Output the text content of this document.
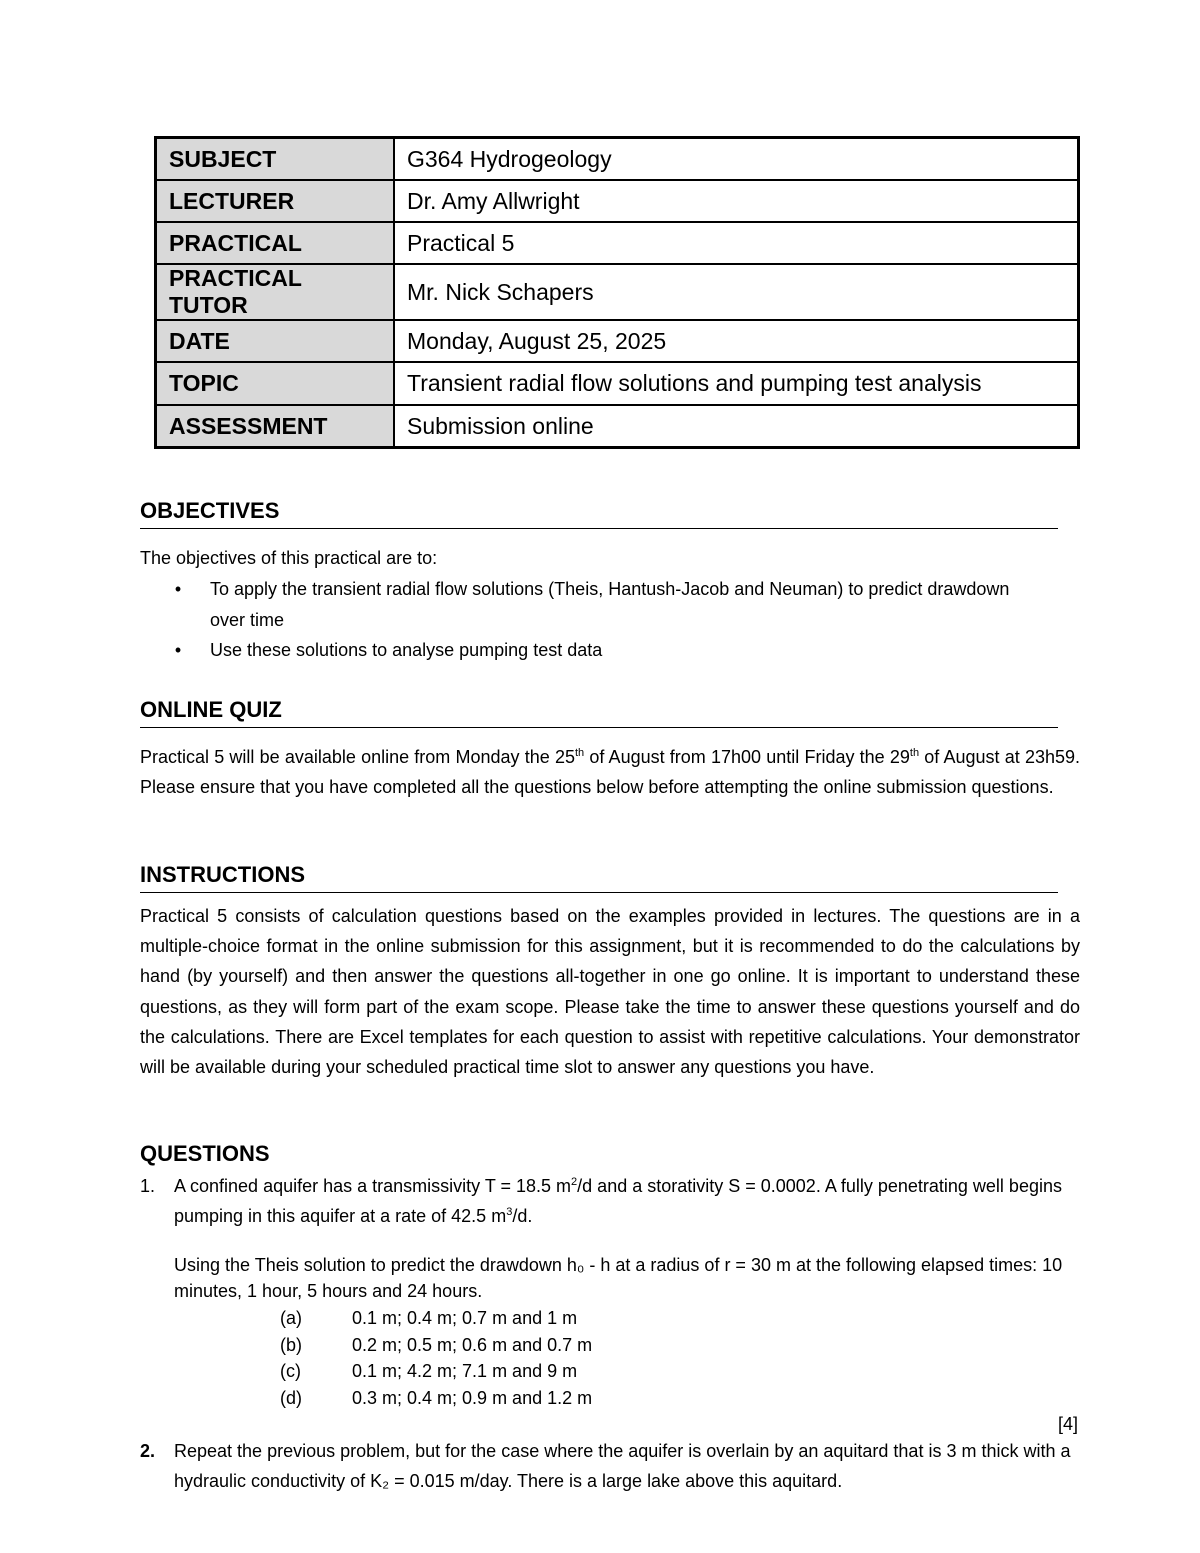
SUBJECT	G364 Hydrogeology
LECTURER	Dr. Amy Allwright
PRACTICAL	Practical 5
PRACTICAL TUTOR	Mr. Nick Schapers
DATE	Monday, August 25, 2025
TOPIC	Transient radial flow solutions and pumping test analysis
ASSESSMENT	Submission online
OBJECTIVES
The objectives of this practical are to:
• To apply the transient radial flow solutions (Theis, Hantush-Jacob and Neuman) to predict drawdown over time
• Use these solutions to analyse pumping test data
ONLINE QUIZ
Practical 5 will be available online from Monday the 25th of August from 17h00 until Friday the 29th of August at 23h59. Please ensure that you have completed all the questions below before attempting the online submission questions.
INSTRUCTIONS
Practical 5 consists of calculation questions based on the examples provided in lectures. The questions are in a multiple-choice format in the online submission for this assignment, but it is recommended to do the calculations by hand (by yourself) and then answer the questions all-together in one go online. It is important to understand these questions, as they will form part of the exam scope. Please take the time to answer these questions yourself and do the calculations. There are Excel templates for each question to assist with repetitive calculations. Your demonstrator will be available during your scheduled practical time slot to answer any questions you have.
QUESTIONS
1.	A confined aquifer has a transmissivity T = 18.5 $m^2/d$ and a storativity S = 0.0002. A fully penetrating well begins pumping in this aquifer at a rate of 42.5 $m^3/d$.
Using the Theis solution to predict the drawdown h₀ - h at a radius of r = 30 m at the following elapsed times: 10 minutes, 1 hour, 5 hours and 24 hours.
(a)	0.1 m; 0.4 m; 0.7 m and 1 m
(b)	0.2 m; 0.5 m; 0.6 m and 0.7 m
(c)	0.1 m; 4.2 m; 7.1 m and 9 m
(d)	0.3 m; 0.4 m; 0.9 m and 1.2 m
[4]
2.	Repeat the previous problem, but for the case where the aquifer is overlain by an aquitard that is 3 m thick with a hydraulic conductivity of K₂ = 0.015 m/day. There is a large lake above this aquitard.
